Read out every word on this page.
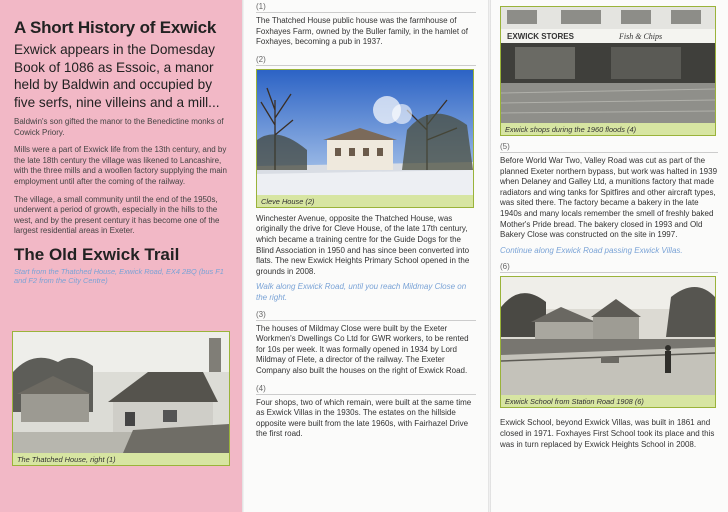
A Short History of Exwick

Exwick appears in the Domesday Book of 1086 as Essoic, a manor held by Baldwin and occupied by five serfs, nine villeins and a mill...

Baldwin's son gifted the manor to the Benedictine monks of Cowick Priory.

Mills were a part of Exwick life from the 13th century, and by the late 18th century the village was likened to Lancashire, with the three mills and a woollen factory supplying the main employment until after the coming of the railway.

The village, a small community until the end of the 1950s, underwent a period of growth, especially in the hills to the west, and by the present century it has become one of the largest residential areas in Exeter.

The Old Exwick Trail

Start from the Thatched House, Exwick Road, EX4 2BQ (bus F1 and F2 from the City Centre)

The Thatched House, right (1)
(1)

The Thatched House public house was the farmhouse of Foxhayes Farm, owned by the Buller family, in the hamlet of Foxhayes, becoming a pub in 1937.

(2)
Cleve House (2)

Winchester Avenue, opposite the Thatched House, was originally the drive for Cleve House, of the late 17th century, which became a training centre for the Guide Dogs for the Blind Association in 1950 and has since been converted into flats. The new Exwick Heights Primary School opened in the grounds in 2008.

Walk along Exwick Road, until you reach Mildmay Close on the right.

(3)

The houses of Mildmay Close were built by the Exeter Workmen's Dwellings Co Ltd for GWR workers, to be rented for 10s per week. It was formally opened in 1934 by Lord Mildmay of Flete, a director of the railway. The Exeter Company also built the houses on the right of Exwick Road.

(4)

Four shops, two of which remain, were built at the same time as Exwick Villas in the 1930s. The estates on the hillside opposite were built from the late 1960s, with Fairhazel Drive the first road.

EXWICK STORES	Fish & Chips
Exwick shops during the 1960 floods (4)
(5)

Before World War Two, Valley Road was cut as part of the planned Exeter northern bypass, but work was halted in 1939 when Delaney and Galley Ltd, a munitions factory that made radiators and wing tanks for Spitfires and other aircraft types, was sited there. The factory became a bakery in the late 1940s and many locals remember the smell of freshly baked Mother's Pride bread. The bakery closed in 1993 and Old Bakery Close was constructed on the site in 1997.

Continue along Exwick Road passing Exwick Villas.

(6)
Exwick School from Station Road 1908 (6)

Exwick School, beyond Exwick Villas, was built in 1861 and closed in 1971. Foxhayes First School took its place and this was in turn replaced by Exwick Heights School in 2008.
